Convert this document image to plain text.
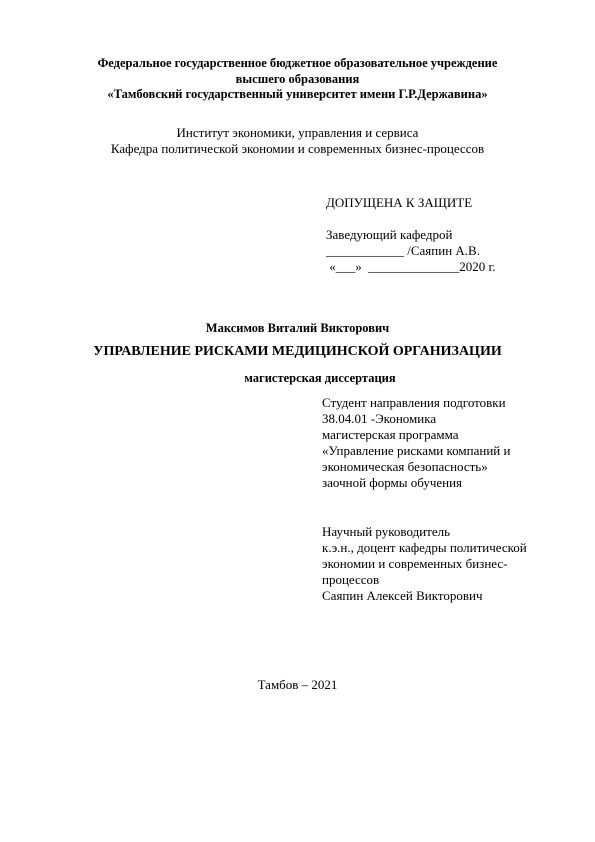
Федеральное государственное бюджетное образовательное учреждение
высшего образования
«Тамбовский государственный университет имени Г.Р.Державина»
Институт экономики, управления и сервиса
Кафедра политической экономии и современных бизнес-процессов
ДОПУЩЕНА К ЗАЩИТЕ
Заведующий кафедрой
____________ /Саяпин А.В.
«___»  ______________2020 г.
Максимов Виталий Викторович
УПРАВЛЕНИЕ РИСКАМИ МЕДИЦИНСКОЙ ОРГАНИЗАЦИИ
магистерская диссертация
Студент направления подготовки
38.04.01 -Экономика
магистерская программа
«Управление рисками компаний и
экономическая безопасность»
заочной формы обучения
Научный руководитель
к.э.н., доцент кафедры политической
экономии и современных бизнес-
процессов
Саяпин Алексей Викторович
Тамбов – 2021
